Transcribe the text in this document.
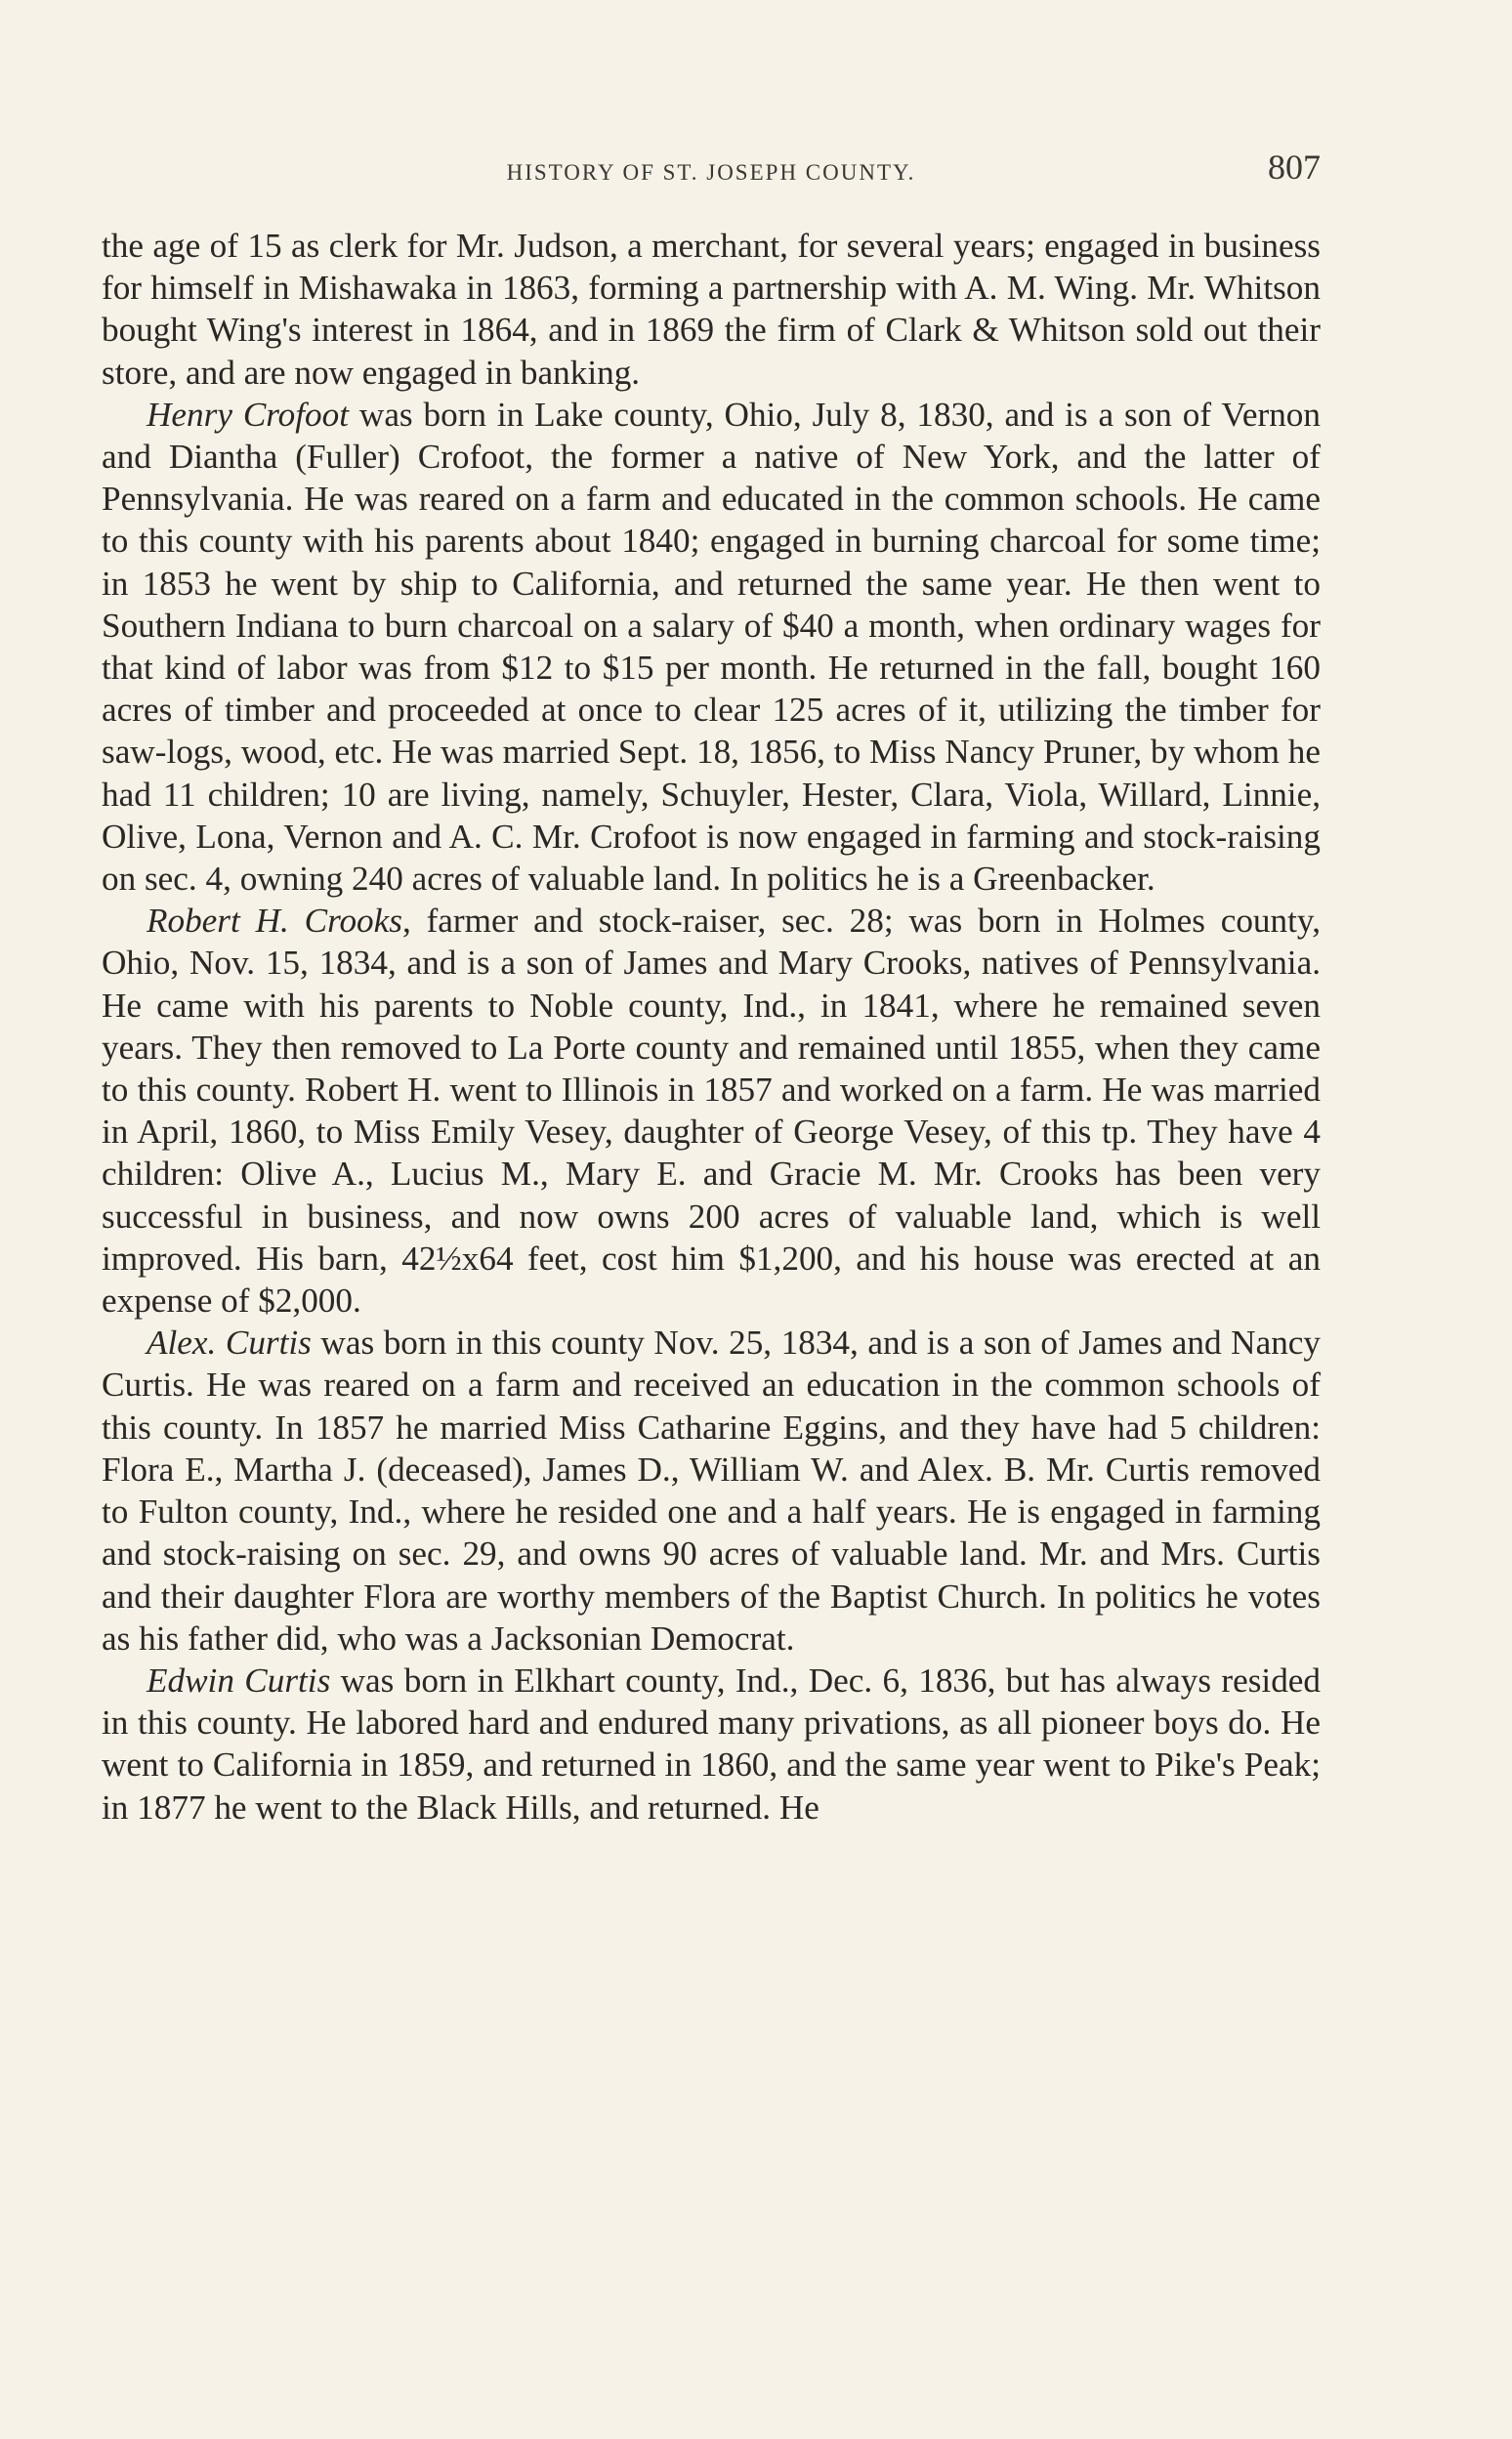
HISTORY OF ST. JOSEPH COUNTY.	807

the age of 15 as clerk for Mr. Judson, a merchant, for several years; engaged in business for himself in Mishawaka in 1863, forming a partnership with A. M. Wing. Mr. Whitson bought Wing's interest in 1864, and in 1869 the firm of Clark & Whitson sold out their store, and are now engaged in banking.

Henry Crofoot was born in Lake county, Ohio, July 8, 1830, and is a son of Vernon and Diantha (Fuller) Crofoot, the former a native of New York, and the latter of Pennsylvania. He was reared on a farm and educated in the common schools. He came to this county with his parents about 1840; engaged in burning charcoal for some time; in 1853 he went by ship to California, and returned the same year. He then went to Southern Indiana to burn charcoal on a salary of $40 a month, when ordinary wages for that kind of labor was from $12 to $15 per month. He returned in the fall, bought 160 acres of timber and proceeded at once to clear 125 acres of it, utilizing the timber for saw-logs, wood, etc. He was married Sept. 18, 1856, to Miss Nancy Pruner, by whom he had 11 children; 10 are living, namely, Schuyler, Hester, Clara, Viola, Willard, Linnie, Olive, Lona, Vernon and A. C. Mr. Crofoot is now engaged in farming and stock-raising on sec. 4, owning 240 acres of valuable land. In politics he is a Greenbacker.

Robert H. Crooks, farmer and stock-raiser, sec. 28; was born in Holmes county, Ohio, Nov. 15, 1834, and is a son of James and Mary Crooks, natives of Pennsylvania. He came with his parents to Noble county, Ind., in 1841, where he remained seven years. They then removed to La Porte county and remained until 1855, when they came to this county. Robert H. went to Illinois in 1857 and worked on a farm. He was married in April, 1860, to Miss Emily Vesey, daughter of George Vesey, of this tp. They have 4 children: Olive A., Lucius M., Mary E. and Gracie M. Mr. Crooks has been very successful in business, and now owns 200 acres of valuable land, which is well improved. His barn, 42½x64 feet, cost him $1,200, and his house was erected at an expense of $2,000.

Alex. Curtis was born in this county Nov. 25, 1834, and is a son of James and Nancy Curtis. He was reared on a farm and received an education in the common schools of this county. In 1857 he married Miss Catharine Eggins, and they have had 5 children: Flora E., Martha J. (deceased), James D., William W. and Alex. B. Mr. Curtis removed to Fulton county, Ind., where he resided one and a half years. He is engaged in farming and stock-raising on sec. 29, and owns 90 acres of valuable land. Mr. and Mrs. Curtis and their daughter Flora are worthy members of the Baptist Church. In politics he votes as his father did, who was a Jacksonian Democrat.

Edwin Curtis was born in Elkhart county, Ind., Dec. 6, 1836, but has always resided in this county. He labored hard and endured many privations, as all pioneer boys do. He went to California in 1859, and returned in 1860, and the same year went to Pike's Peak; in 1877 he went to the Black Hills, and returned. He
